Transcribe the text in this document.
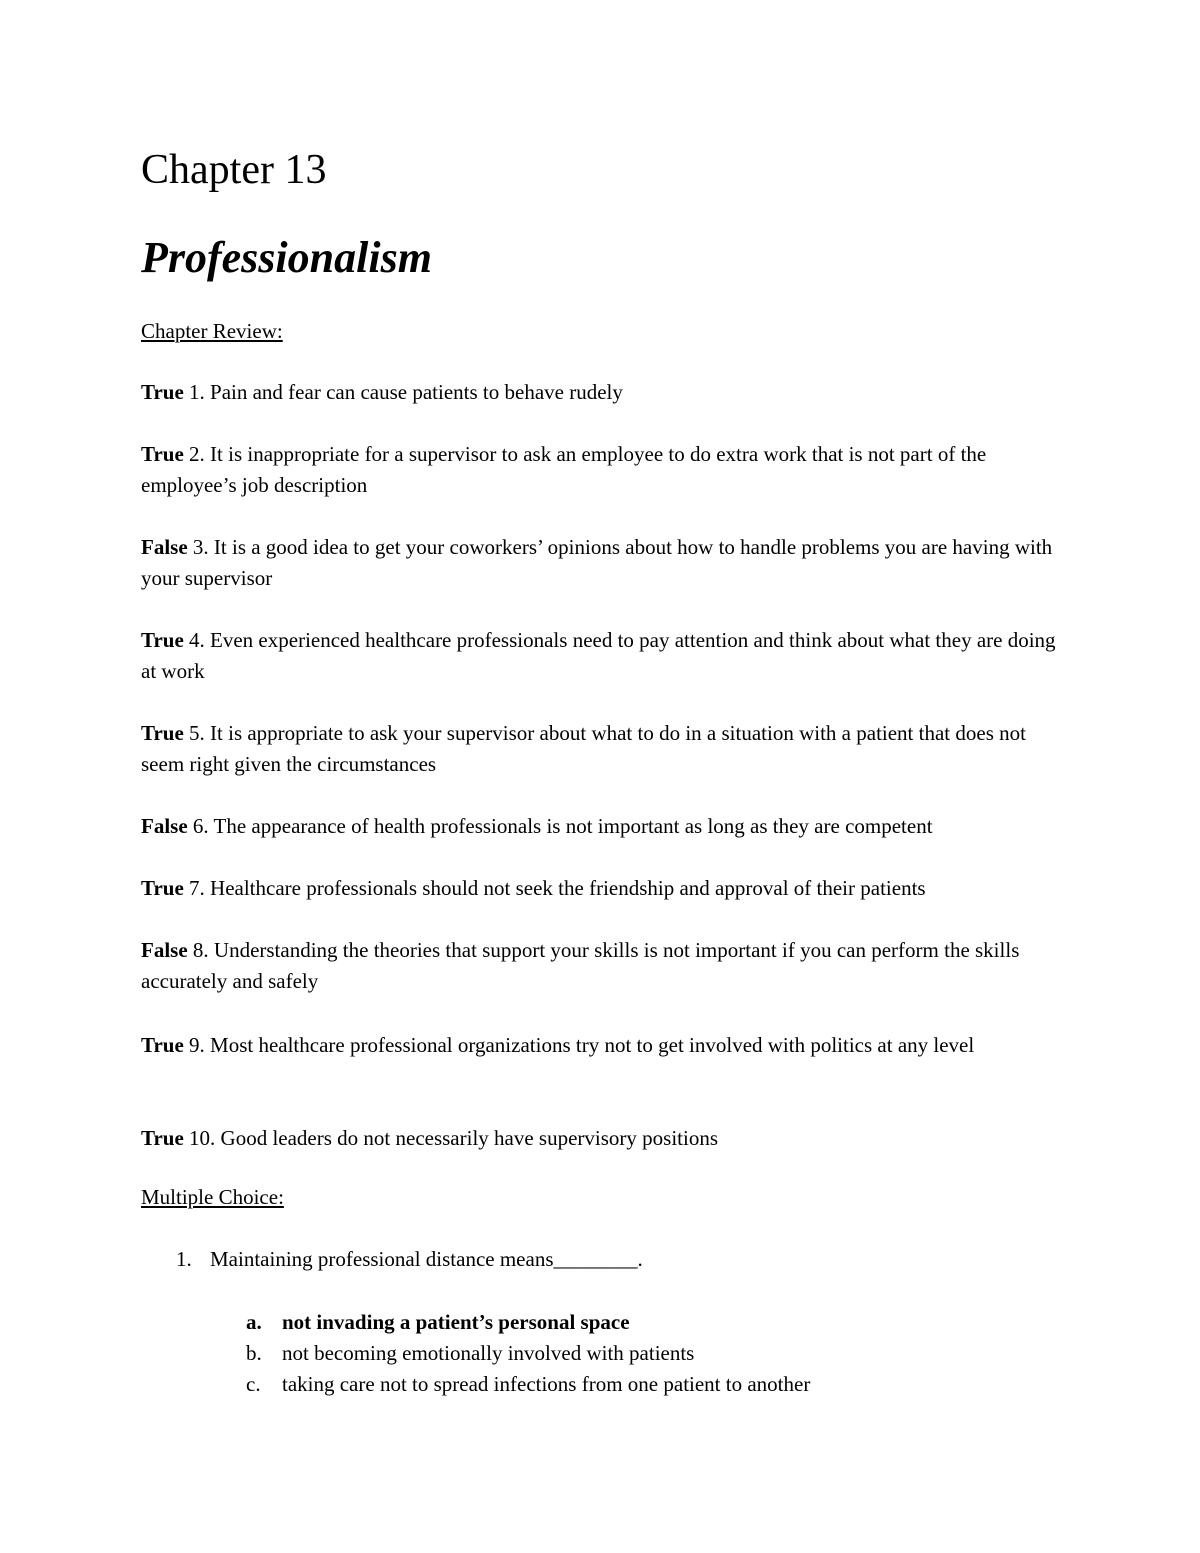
Chapter 13
Professionalism

Chapter Review:

True 1. Pain and fear can cause patients to behave rudely

True 2. It is inappropriate for a supervisor to ask an employee to do extra work that is not part of the employee’s job description

False 3. It is a good idea to get your coworkers’ opinions about how to handle problems you are having with your supervisor

True 4. Even experienced healthcare professionals need to pay attention and think about what they are doing at work

True 5. It is appropriate to ask your supervisor about what to do in a situation with a patient that does not seem right given the circumstances

False 6. The appearance of health professionals is not important as long as they are competent

True 7. Healthcare professionals should not seek the friendship and approval of their patients

False 8. Understanding the theories that support your skills is not important if you can perform the skills accurately and safely

True 9. Most healthcare professional organizations try not to get involved with politics at any level

True 10. Good leaders do not necessarily have supervisory positions

Multiple Choice:

1. Maintaining professional distance means________.

a. not invading a patient’s personal space
b. not becoming emotionally involved with patients
c. taking care not to spread infections from one patient to another
